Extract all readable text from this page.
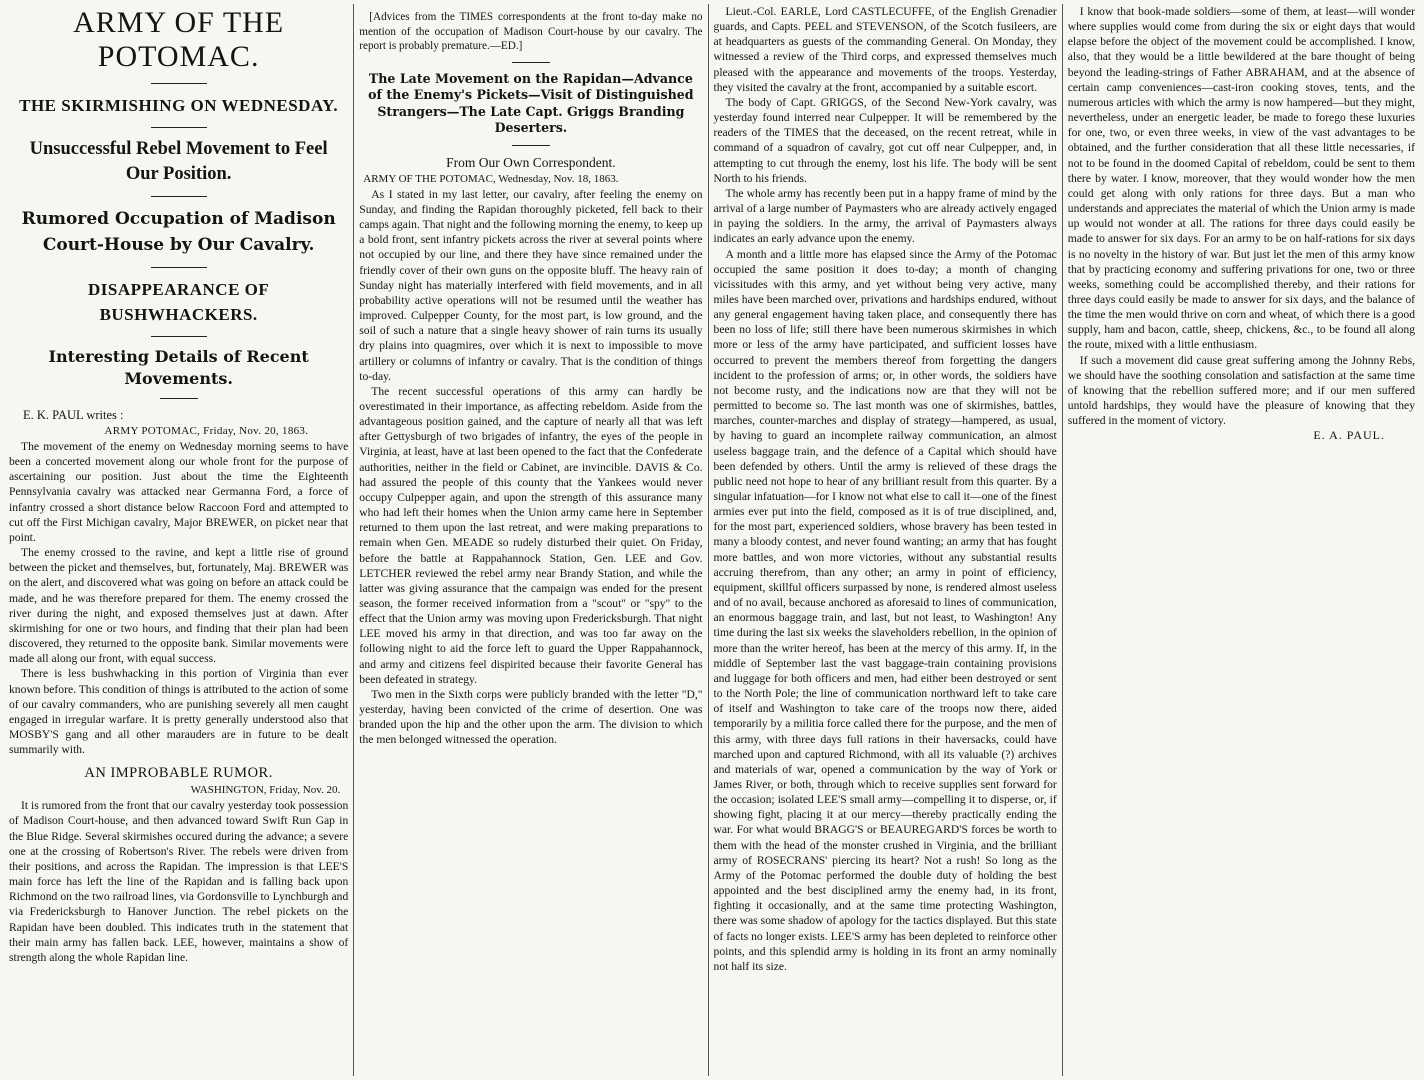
ARMY OF THE POTOMAC.
THE SKIRMISHING ON WEDNESDAY.
Unsuccessful Rebel Movement to Feel Our Position.
Rumored Occupation of Madison Court-House by Our Cavalry.
DISAPPEARANCE OF BUSHWHACKERS.
Interesting Details of Recent Movements.
E. K. PAUL writes :
ARMY POTOMAC, Friday, Nov. 20, 1863.

The movement of the enemy on Wednesday morning seems to have been a concerted movement along our whole front for the purpose of ascertaining our position. Just about the time the Eighteenth Pennsylvania cavalry was attacked near Germanna Ford, a force of infantry crossed a short distance below Raccoon Ford and attempted to cut off the First Michigan cavalry, Major BREWER, on picket near that point.

The enemy crossed to the ravine, and kept a little rise of ground between the picket and themselves, but, fortunately, Maj. BREWER was on the alert, and discovered what was going on before an attack could be made, and he was therefore prepared for them. The enemy crossed the river during the night, and exposed themselves just at dawn. After skirmishing for one or two hours, and finding that their plan had been discovered, they returned to the opposite bank. Similar movements were made all along our front, with equal success.

There is less bushwhacking in this portion of Virginia than ever known before. This condition of things is attributed to the action of some of our cavalry commanders, who are punishing severely all men caught engaged in irregular warfare. It is pretty generally understood also that MOSBY'S gang and all other marauders are in future to be dealt summarily with.

AN IMPROBABLE RUMOR.
WASHINGTON, Friday, Nov. 20.

It is rumored from the front that our cavalry yesterday took possession of Madison Court-house, and then advanced toward Swift Run Gap in the Blue Ridge. Several skirmishes occured during the advance; a severe one at the crossing of Robertson's River. The rebels were driven from their positions, and across the Rapidan. The impression is that LEE'S main force has left the line of the Rapidan and is falling back upon Richmond on the two railroad lines, via Gordonsville to Lynchburgh and via Fredericksburgh to Hanover Junction. The rebel pickets on the Rapidan have been doubled. This indicates truth in the statement that their main army has fallen back. LEE, however, maintains a show of strength along the whole Rapidan line.

[Advices from the TIMES correspondents at the front to-day make no mention of the occupation of Madison Court-house by our cavalry. The report is probably premature.—ED.]
The Late Movement on the Rapidan—Advance of the Enemy's Pickets—Visit of Distinguished Strangers—The Late Capt. Griggs Branding Deserters.
From Our Own Correspondent.
ARMY OF THE POTOMAC, Wednesday, Nov. 18, 1863.

As I stated in my last letter, our cavalry, after feeling the enemy on Sunday, and finding the Rapidan thoroughly picketed, fell back to their camps again. That night and the following morning the enemy, to keep up a bold front, sent infantry pickets across the river at several points where not occupied by our line, and there they have since remained under the friendly cover of their own guns on the opposite bluff. The heavy rain of Sunday night has materially interfered with field movements, and in all probability active operations will not be resumed until the weather has improved. Culpepper County, for the most part, is low ground, and the soil of such a nature that a single heavy shower of rain turns its usually dry plains into quagmires, over which it is next to impossible to move artillery or columns of infantry or cavalry. That is the condition of things to-day.

The recent successful operations of this army can hardly be overestimated in their importance, as affecting rebeldom. Aside from the advantageous position gained, and the capture of nearly all that was left after Gettysburgh of two brigades of infantry, the eyes of the people in Virginia, at least, have at last been opened to the fact that the Confederate authorities, neither in the field or Cabinet, are invincible. DAVIS & Co. had assured the people of this county that the Yankees would never occupy Culpepper again, and upon the strength of this assurance many who had left their homes when the Union army came here in September returned to them upon the last retreat, and were making preparations to remain when Gen. MEADE so rudely disturbed their quiet. On Friday, before the battle at Rappahannock Station, Gen. LEE and Gov. LETCHER reviewed the rebel army near Brandy Station, and while the latter was giving assurance that the campaign was ended for the present season, the former received information from a "scout" or "spy" to the effect that the Union army was moving upon Fredericksburgh. That night LEE moved his army in that direction, and was too far away on the following night to aid the force left to guard the Upper Rappahannock, and army and citizens feel dispirited because their favorite General has been defeated in strategy.

Two men in the Sixth corps were publicly branded with the letter "D," yesterday, having been convicted of the crime of desertion. One was branded upon the hip and the other upon the arm. The division to which the men belonged witnessed the operation.

Lieut.-Col. EARLE, Lord CASTLECUFFE, of the English Grenadier guards, and Capts. PEEL and STEVENSON, of the Scotch fusileers, are at headquarters as guests of the commanding General. On Monday, they witnessed a review of the Third corps, and expressed themselves much pleased with the appearance and movements of the troops. Yesterday, they visited the cavalry at the front, accompanied by a suitable escort.

The body of Capt. GRIGGS, of the Second New-York cavalry, was yesterday found interred near Culpepper. It will be remembered by the readers of the TIMES that the deceased, on the recent retreat, while in command of a squadron of cavalry, got cut off near Culpepper, and, in attempting to cut through the enemy, lost his life. The body will be sent North to his friends.

The whole army has recently been put in a happy frame of mind by the arrival of a large number of Paymasters who are already actively engaged in paying the soldiers. In the army, the arrival of Paymasters always indicates an early advance upon the enemy.

A month and a little more has elapsed since the Army of the Potomac occupied the same position it does to-day; a month of changing vicissitudes with this army, and yet without being very active, many miles have been marched over, privations and hardships endured, without any general engagement having taken place, and consequently there has been no loss of life; still there have been numerous skirmishes in which more or less of the army have participated, and sufficient losses have occurred to prevent the members thereof from forgetting the dangers incident to the profession of arms; or, in other words, the soldiers have not become rusty, and the indications now are that they will not be permitted to become so. The last month was one of skirmishes, battles, marches, counter-marches and display of strategy—hampered, as usual, by having to guard an incomplete railway communication, an almost useless baggage train, and the defence of a Capital which should have been defended by others. Until the army is relieved of these drags the public need not hope to hear of any brilliant result from this quarter. By a singular infatuation—for I know not what else to call it—one of the finest armies ever put into the field, composed as it is of true disciplined, and, for the most part, experienced soldiers, whose bravery has been tested in many a bloody contest, and never found wanting; an army that has fought more battles, and won more victories, without any substantial results accruing therefrom, than any other; an army in point of efficiency, equipment, skillful officers surpassed by none, is rendered almost useless and of no avail, because anchored as aforesaid to lines of communication, an enormous baggage train, and last, but not least, to Washington! Any time during the last six weeks the slaveholders rebellion, in the opinion of more than the writer hereof, has been at the mercy of this army. If, in the middle of September last the vast baggage-train containing provisions and luggage for both officers and men, had either been destroyed or sent to the North Pole; the line of communication northward left to take care of itself and Washington to take care of the troops now there, aided temporarily by a militia force called there for the purpose, and the men of this army, with three days full rations in their haversacks, could have marched upon and captured Richmond, with all its valuable (?) archives and materials of war, opened a communication by the way of York or James River, or both, through which to receive supplies sent forward for the occasion; isolated LEE'S small army—compelling it to disperse, or, if showing fight, placing it at our mercy—thereby practically ending the war. For what would BRAGG'S or BEAUREGARD'S forces be worth to them with the head of the monster crushed in Virginia, and the brilliant army of ROSECRANS' piercing its heart? Not a rush! So long as the Army of the Potomac performed the double duty of holding the best appointed and the best disciplined army the enemy had, in its front, fighting it occasionally, and at the same time protecting Washington, there was some shadow of apology for the tactics displayed. But this state of facts no longer exists. LEE'S army has been depleted to reinforce other points, and this splendid army is holding in its front an army nominally not half its size.

I know that book-made soldiers—some of them, at least—will wonder where supplies would come from during the six or eight days that would elapse before the object of the movement could be accomplished. I know, also, that they would be a little bewildered at the bare thought of being beyond the leading-strings of Father ABRAHAM, and at the absence of certain camp conveniences—cast-iron cooking stoves, tents, and the numerous articles with which the army is now hampered—but they might, nevertheless, under an energetic leader, be made to forego these luxuries for one, two, or even three weeks, in view of the vast advantages to be obtained, and the further consideration that all these little necessaries, if not to be found in the doomed Capital of rebeldom, could be sent to them there by water. I know, moreover, that they would wonder how the men could get along with only rations for three days. But a man who understands and appreciates the material of which the Union army is made up would not wonder at all. The rations for three days could easily be made to answer for six days. For an army to be on half-rations for six days is no novelty in the history of war. But just let the men of this army know that by practicing economy and suffering privations for one, two or three weeks, something could be accomplished thereby, and their rations for three days could easily be made to answer for six days, and the balance of the time the men would thrive on corn and wheat, of which there is a good supply, ham and bacon, cattle, sheep, chickens, &c., to be found all along the route, mixed with a little enthusiasm.

If such a movement did cause great suffering among the Johnny Rebs, we should have the soothing consolation and satisfaction at the same time of knowing that the rebellion suffered more; and if our men suffered untold hardships, they would have the pleasure of knowing that they suffered in the moment of victory.

E. A. PAUL.
